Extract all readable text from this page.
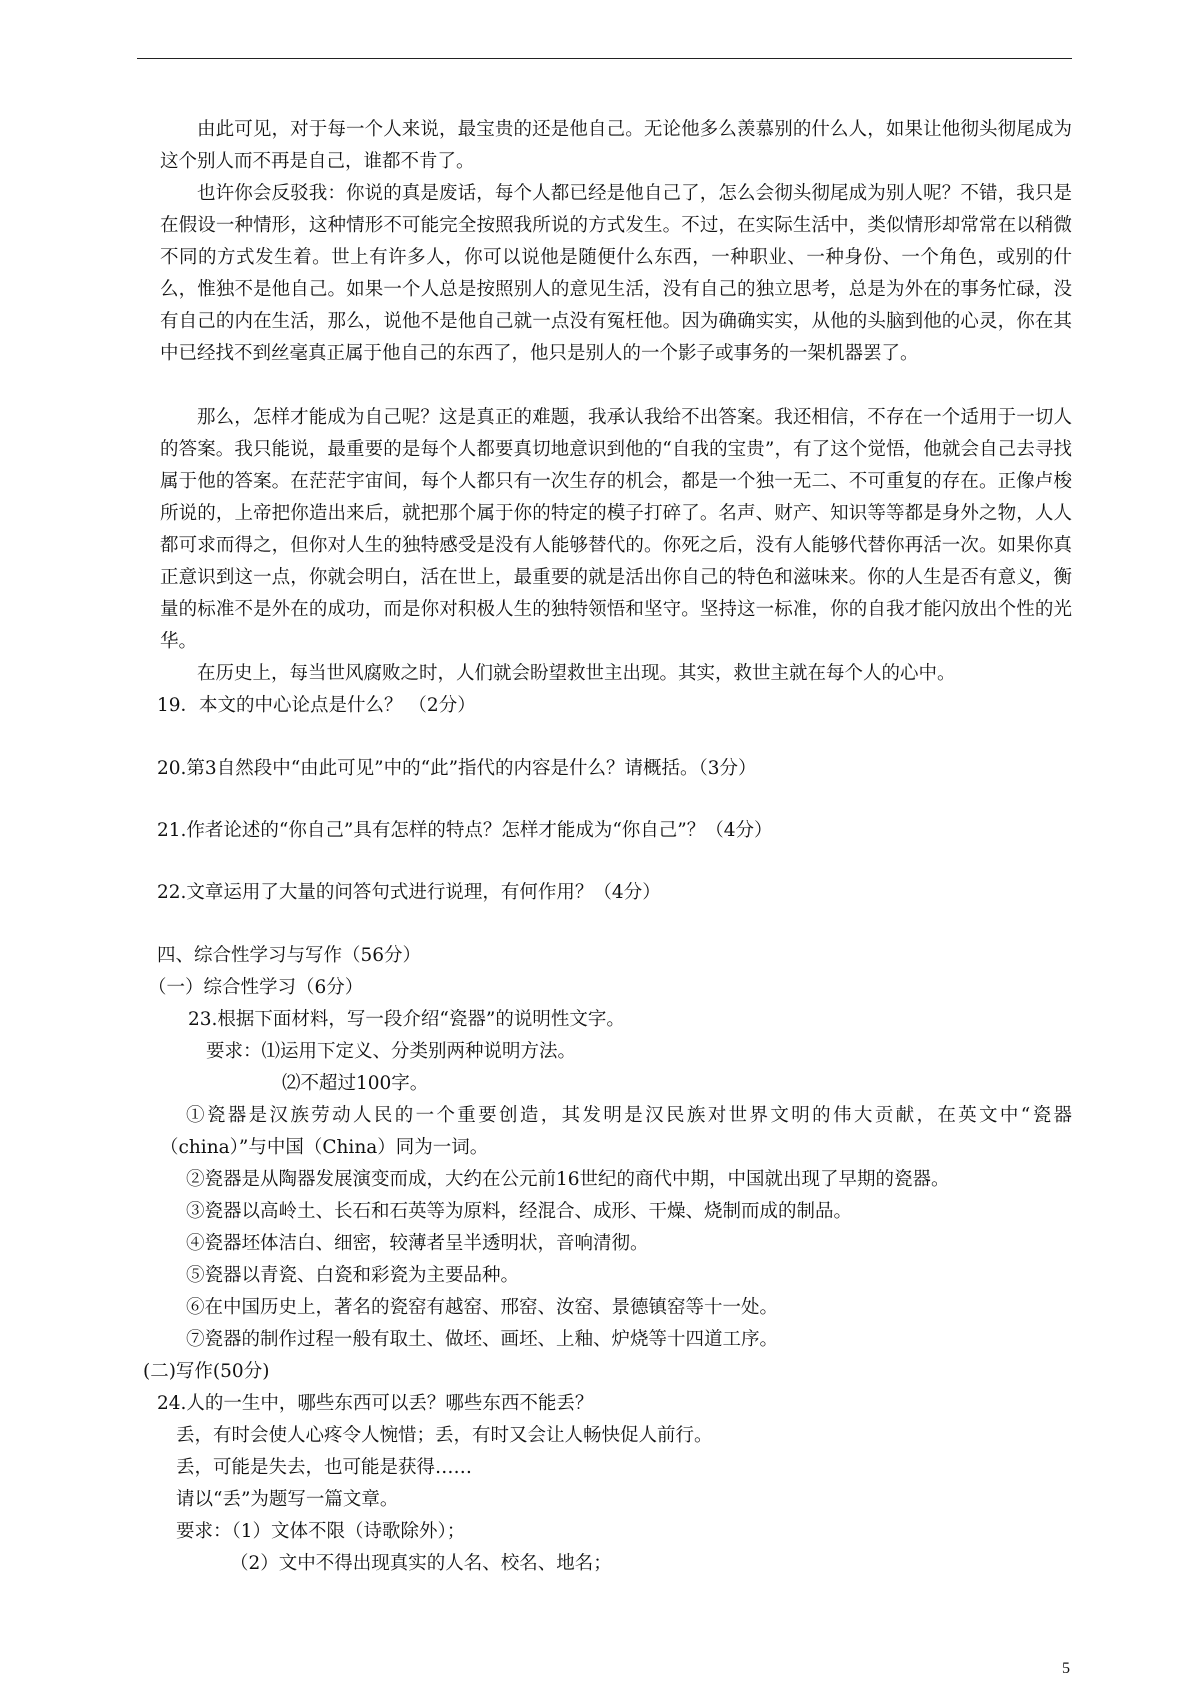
由此可见，对于每一个人来说，最宝贵的还是他自己。无论他多么羡慕别的什么人，如果让他彻头彻尾成为这个别人而不再是自己，谁都不肯了。
也许你会反驳我：你说的真是废话，每个人都已经是他自己了，怎么会彻头彻尾成为别人呢？不错，我只是在假设一种情形，这种情形不可能完全按照我所说的方式发生。不过，在实际生活中，类似情形却常常在以稍微不同的方式发生着。世上有许多人，你可以说他是随便什么东西，一种职业、一种身份、一个角色，或别的什么，惟独不是他自己。如果一个人总是按照别人的意见生活，没有自己的独立思考，总是为外在的事务忙碌，没有自己的内在生活，那么，说他不是他自己就一点没有冤枉他。因为确确实实，从他的头脑到他的心灵，你在其中已经找不到丝毫真正属于他自己的东西了，他只是别人的一个影子或事务的一架机器罢了。
那么，怎样才能成为自己呢？这是真正的难题，我承认我给不出答案。我还相信，不存在一个适用于一切人的答案。我只能说，最重要的是每个人都要真切地意识到他的“自我的宝贵”，有了这个觉悟，他就会自己去寻找属于他的答案。在茫茫宇宙间，每个人都只有一次生存的机会，都是一个独一无二、不可重复的存在。正像卢梭所说的，上帝把你造出来后，就把那个属于你的特定的模子打碎了。名声、财产、知识等等都是身外之物，人人都可求而得之，但你对人生的独特感受是没有人能够替代的。你死之后，没有人能够代替你再活一次。如果你真正意识到这一点，你就会明白，活在世上，最重要的就是活出你自己的特色和滋味来。你的人生是否有意义，衡量的标准不是外在的成功，而是你对积极人生的独特领悟和坚守。坚持这一标准，你的自我才能闪放出个性的光华。
在历史上，每当世风腐败之时，人们就会盼望救世主出现。其实，救世主就在每个人的心中。
19．本文的中心论点是什么？ （2分）
20.第3自然段中“由此可见”中的“此”指代的内容是什么？请概括。（3分）
21.作者论述的“你自己”具有怎样的特点？怎样才能成为“你自己”？（4分）
22.文章运用了大量的问答句式进行说理，有何作用？（4分）
四、综合性学习与写作（56分）
（一）综合性学习（6分）
23.根据下面材料，写一段介绍“瓷器”的说明性文字。
要求：⑴运用下定义、分类别两种说明方法。
⑵不超过100字。
①瓷器是汉族劳动人民的一个重要创造，其发明是汉民族对世界文明的伟大贡献，在英文中“瓷器（china）”与中国（China）同为一词。
②瓷器是从陶器发展演变而成，大约在公元前16世纪的商代中期，中国就出现了早期的瓷器。
③瓷器以高岭土、长石和石英等为原料，经混合、成形、干燥、烧制而成的制品。
④瓷器坯体洁白、细密，较薄者呈半透明状，音响清彻。
⑤瓷器以青瓷、白瓷和彩瓷为主要品种。
⑥在中国历史上，著名的瓷窑有越窑、邢窑、汝窑、景德镇窑等十一处。
⑦瓷器的制作过程一般有取土、做坯、画坯、上釉、炉烧等十四道工序。
(二)写作(50分)
24.人的一生中，哪些东西可以丢？哪些东西不能丢？
丢，有时会使人心疼令人惋惜；丢，有时又会让人畅快促人前行。
丢，可能是失去，也可能是获得……
请以“丢”为题写一篇文章。
要求：（1）文体不限（诗歌除外）；
（2）文中不得出现真实的人名、校名、地名；
5
